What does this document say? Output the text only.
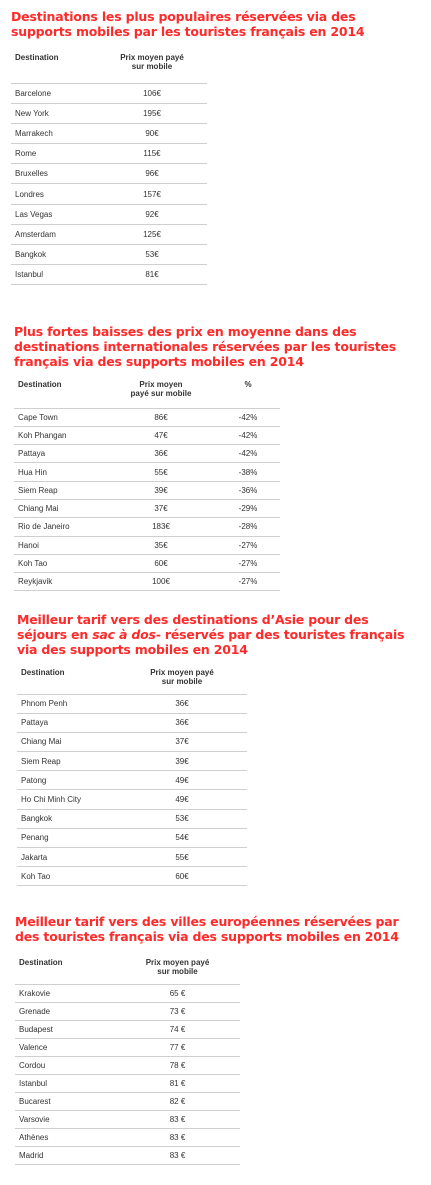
Destinations les plus populaires réservées via des supports mobiles par les touristes français en 2014
Destination	Prix moyen payé
sur mobile
Barcelone	106€
New York	195€
Marrakech	90€
Rome	115€
Bruxelles	96€
Londres	157€
Las Vegas	92€
Amsterdam	125€
Bangkok	53€
Istanbul	81€
Plus fortes baisses des prix en moyenne dans des destinations internationales réservées par les touristes français via des supports mobiles en 2014
Destination	Prix moyen
payé sur mobile	%
Cape Town	86€	-42%
Koh Phangan	47€	-42%
Pattaya	36€	-42%
Hua Hin	55€	-38%
Siem Reap	39€	-36%
Chiang Mai	37€	-29%
Rio de Janeiro	183€	-28%
Hanoi	35€	-27%
Koh Tao	60€	-27%
Reykjavik	100€	-27%
Meilleur tarif vers des destinations d’Asie pour des séjours en sac à dos- réservés par des touristes français via des supports mobiles en 2014
Destination	Prix moyen payé
sur mobile
Phnom Penh	36€
Pattaya	36€
Chiang Mai	37€
Siem Reap	39€
Patong	49€
Ho Chi Minh City	49€
Bangkok	53€
Penang	54€
Jakarta	55€
Koh Tao	60€
Meilleur tarif vers des villes européennes réservées par des touristes français via des supports mobiles en 2014
Destination	Prix moyen payé
sur mobile
Krakovie	65 €
Grenade	73 €
Budapest	74 €
Valence	77 €
Cordou	78 €
Istanbul	81 €
Bucarest	82 €
Varsovie	83 €
Athènes	83 €
Madrid	83 €
